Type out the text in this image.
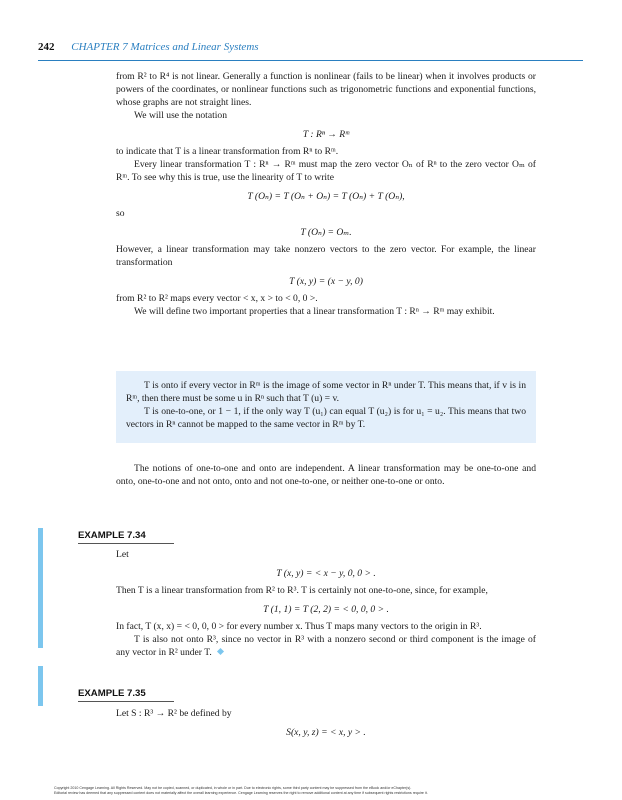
242 CHAPTER 7 Matrices and Linear Systems

from R² to R⁴ is not linear. Generally a function is nonlinear (fails to be linear) when it involves products or powers of the coordinates, or nonlinear functions such as trigonometric functions and exponential functions, whose graphs are not straight lines.

We will use the notation

T : Rⁿ → Rᵐ

to indicate that T is a linear transformation from Rⁿ to Rᵐ.

Every linear transformation T : Rⁿ → Rᵐ must map the zero vector Oₙ of Rⁿ to the zero vector Oₘ of Rᵐ. To see why this is true, use the linearity of T to write

T (Oₙ) = T (Oₙ + Oₙ) = T (Oₙ) + T (Oₙ),

so

T (Oₙ) = Oₘ.

However, a linear transformation may take nonzero vectors to the zero vector. For example, the linear transformation

T (x, y) = (x − y, 0)

from R² to R² maps every vector < x, x > to < 0, 0 >.

We will define two important properties that a linear transformation T : Rⁿ → Rᵐ may exhibit.

T is onto if every vector in Rᵐ is the image of some vector in Rⁿ under T. This means that, if v is in Rᵐ, then there must be some u in Rⁿ such that T (u) = v.

T is one-to-one, or 1 − 1, if the only way T (u₁) can equal T (u₂) is for u₁ = u₂. This means that two vectors in Rⁿ cannot be mapped to the same vector in Rᵐ by T.

The notions of one-to-one and onto are independent. A linear transformation may be one-to-one and onto, one-to-one and not onto, onto and not one-to-one, or neither one-to-one or onto.

EXAMPLE 7.34

Let

T (x, y) = < x − y, 0, 0 > .

Then T is a linear transformation from R² to R³. T is certainly not one-to-one, since, for example,

T (1, 1) = T (2, 2) = < 0, 0, 0 > .

In fact, T (x, x) = < 0, 0, 0 > for every number x. Thus T maps many vectors to the origin in R³.

T is also not onto R³, since no vector in R³ with a nonzero second or third component is the image of any vector in R² under T.

EXAMPLE 7.35

Let S : R³ → R² be defined by

S(x, y, z) = < x, y > .
Copyright 2010 Cengage Learning. All Rights Reserved. May not be copied, scanned, or duplicated, in whole or in part. Due to electronic rights, some third party content may be suppressed from the eBook and/or eChapter(s).
Editorial review has deemed that any suppressed content does not materially affect the overall learning experience. Cengage Learning reserves the right to remove additional content at any time if subsequent rights restrictions require it.
